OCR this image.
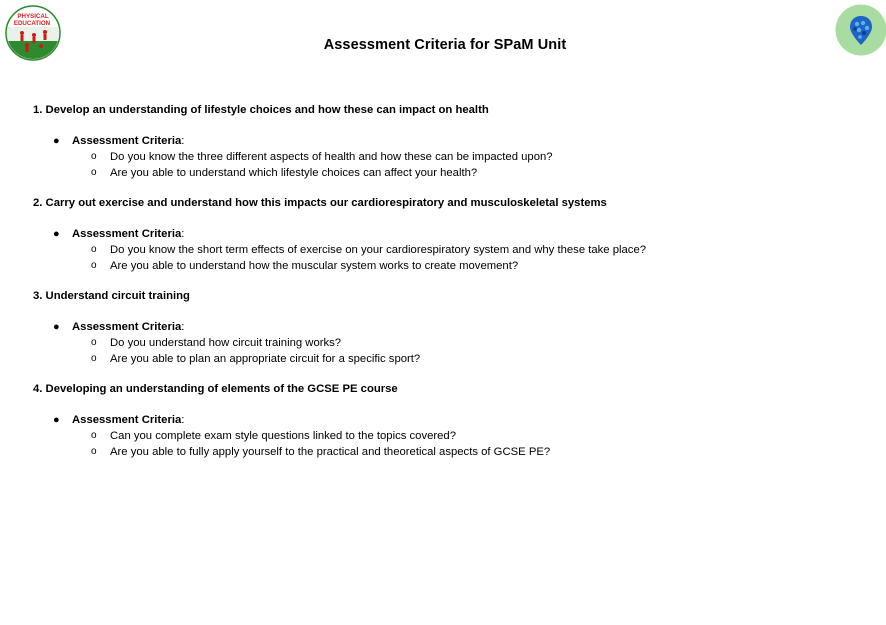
PHYSICAL
EDUCATION
Assessment Criteria for SPaM Unit
1. Develop an understanding of lifestyle choices and how these can impact on health
● Assessment Criteria:
o Do you know the three different aspects of health and how these can be impacted upon?
o Are you able to understand which lifestyle choices can affect your health?
2. Carry out exercise and understand how this impacts our cardiorespiratory and musculoskeletal systems
● Assessment Criteria:
o Do you know the short term effects of exercise on your cardiorespiratory system and why these take place?
o Are you able to understand how the muscular system works to create movement?
3. Understand circuit training
● Assessment Criteria:
o Do you understand how circuit training works?
o Are you able to plan an appropriate circuit for a specific sport?
4. Developing an understanding of elements of the GCSE PE course
● Assessment Criteria:
o Can you complete exam style questions linked to the topics covered?
o Are you able to fully apply yourself to the practical and theoretical aspects of GCSE PE?
